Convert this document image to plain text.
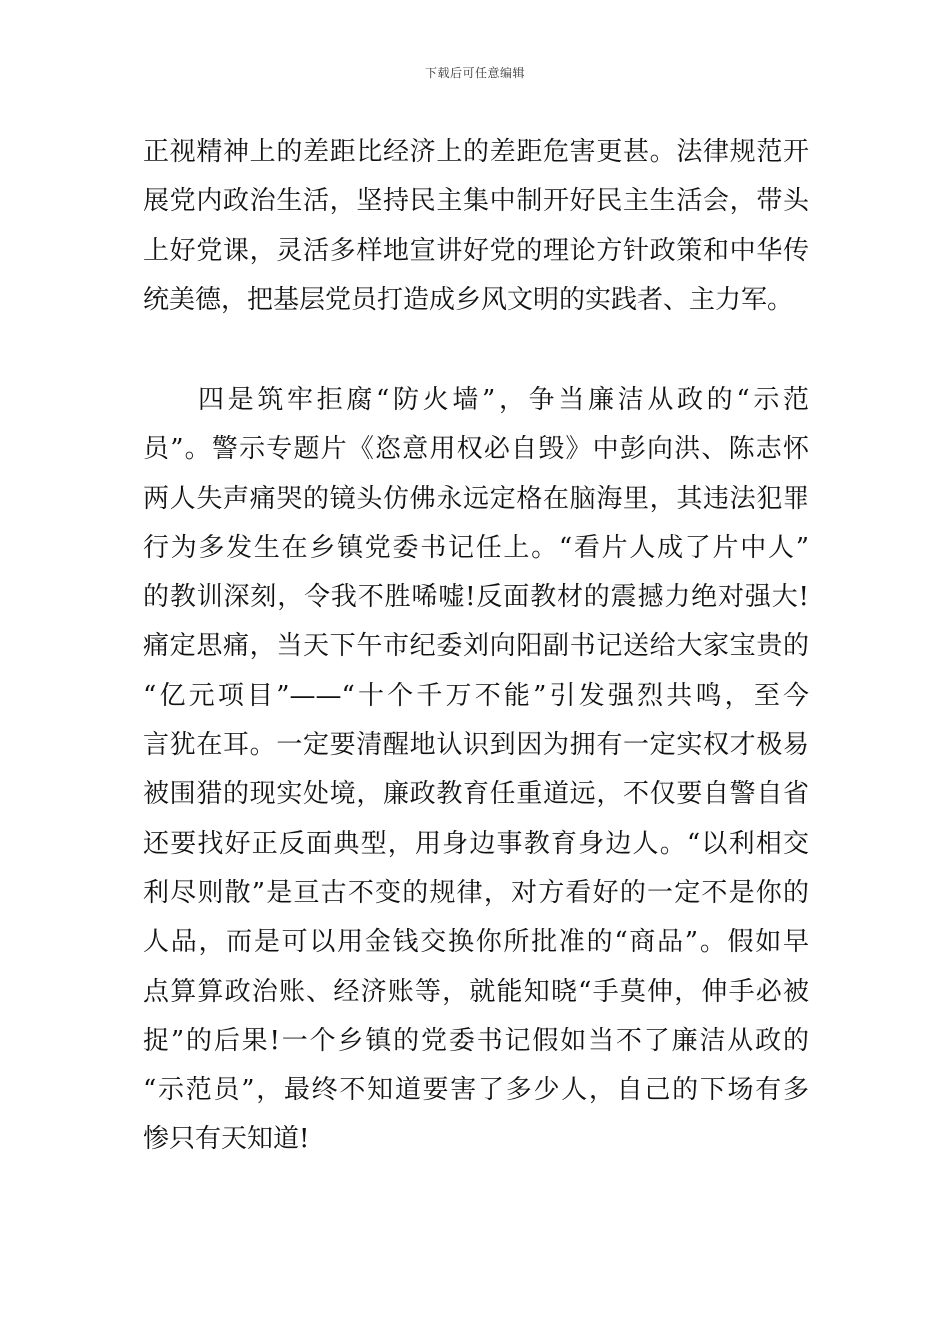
下载后可任意编辑
正视精神上的差距比经济上的差距危害更甚。法律规范开
展党内政治生活，坚持民主集中制开好民主生活会，带头
上好党课，灵活多样地宣讲好党的理论方针政策和中华传
统美德，把基层党员打造成乡风文明的实践者、主力军。
四是筑牢拒腐“防火墙”，争当廉洁从政的“示范
员”。警示专题片《恣意用权必自毁》中彭向洪、陈志怀
两人失声痛哭的镜头仿佛永远定格在脑海里，其违法犯罪
行为多发生在乡镇党委书记任上。“看片人成了片中人”
的教训深刻，令我不胜唏嘘!反面教材的震撼力绝对强大!
痛定思痛，当天下午市纪委刘向阳副书记送给大家宝贵的
“亿元项目”——“十个千万不能”引发强烈共鸣，至今
言犹在耳。一定要清醒地认识到因为拥有一定实权才极易
被围猎的现实处境，廉政教育任重道远，不仅要自警自省
还要找好正反面典型，用身边事教育身边人。“以利相交
利尽则散”是亘古不变的规律，对方看好的一定不是你的
人品，而是可以用金钱交换你所批准的“商品”。假如早
点算算政治账、经济账等，就能知晓“手莫伸，伸手必被
捉”的后果!一个乡镇的党委书记假如当不了廉洁从政的
“示范员”，最终不知道要害了多少人，自己的下场有多
惨只有天知道!
